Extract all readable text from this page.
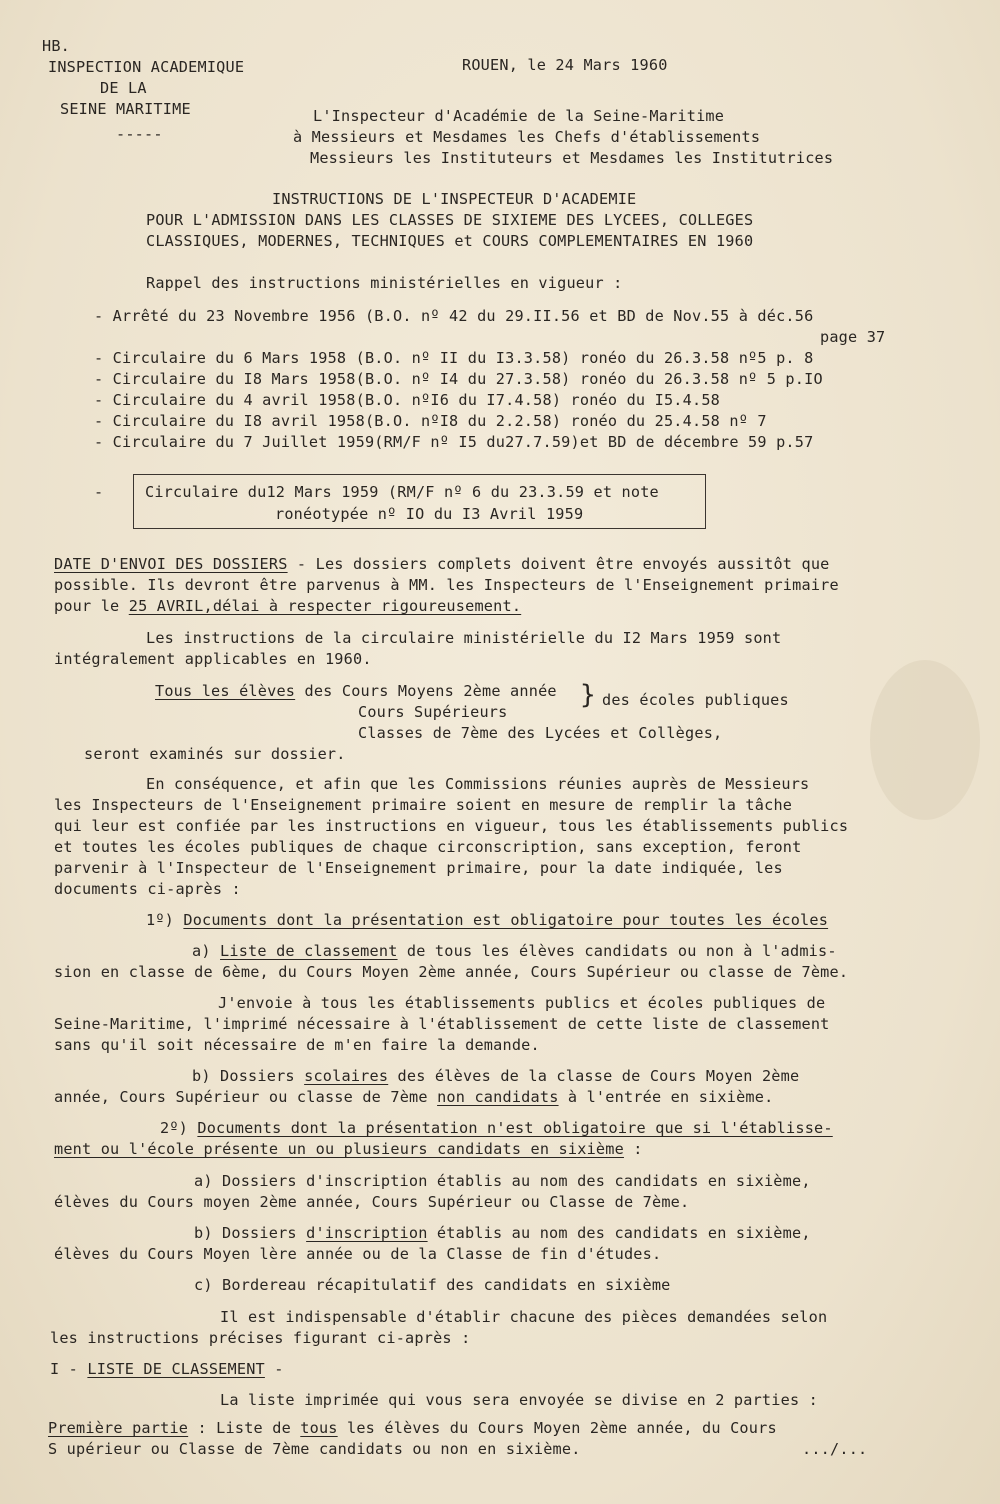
HB.
INSPECTION ACADEMIQUE
DE LA
SEINE MARITIME
-----
ROUEN, le 24 Mars 1960
L'Inspecteur d'Académie de la Seine-Maritime
à Messieurs et Mesdames les Chefs d'établissements
Messieurs les Instituteurs et Mesdames les Institutrices
INSTRUCTIONS DE L'INSPECTEUR D'ACADEMIE
POUR L'ADMISSION DANS LES CLASSES DE SIXIEME DES LYCEES, COLLEGES
CLASSIQUES, MODERNES, TECHNIQUES et COURS COMPLEMENTAIRES EN 1960
Rappel des instructions ministérielles en vigueur :
- Arrêté du 23 Novembre 1956 (B.O. nº 42 du 29.II.56 et BD de Nov.55 à déc.56
page 37
- Circulaire du 6 Mars 1958 (B.O. nº II du I3.3.58) ronéo du 26.3.58 nº5 p. 8
- Circulaire du I8 Mars 1958(B.O. nº I4 du 27.3.58) ronéo du 26.3.58 nº 5 p.IO
- Circulaire du 4 avril 1958(B.O. nºI6 du I7.4.58) ronéo du I5.4.58
- Circulaire du I8 avril 1958(B.O. nºI8 du 2.2.58) ronéo du 25.4.58 nº 7
- Circulaire du 7 Juillet 1959(RM/F nº I5 du27.7.59)et BD de décembre 59 p.57
-	Circulaire du12 Mars 1959 (RM/F nº 6 du 23.3.59 et note
ronéotypée nº IO du I3 Avril 1959
DATE D'ENVOI DES DOSSIERS - Les dossiers complets doivent être envoyés aussitôt que
possible. Ils devront être parvenus à MM. les Inspecteurs de l'Enseignement primaire
pour le 25 AVRIL,délai à respecter rigoureusement.
Les instructions de la circulaire ministérielle du I2 Mars 1959 sont
intégralement applicables en 1960.
Tous les élèves des Cours Moyens 2ème année
Cours Supérieurs
Classes de 7ème des Lycées et Collèges,
} des écoles publiques
seront examinés sur dossier.
En conséquence, et afin que les Commissions réunies auprès de Messieurs
les Inspecteurs de l'Enseignement primaire soient en mesure de remplir la tâche
qui leur est confiée par les instructions en vigueur, tous les établissements publics
et toutes les écoles publiques de chaque circonscription, sans exception, feront
parvenir à l'Inspecteur de l'Enseignement primaire, pour la date indiquée, les
documents ci-après :
1º) Documents dont la présentation est obligatoire pour toutes les écoles
a) Liste de classement de tous les élèves candidats ou non à l'admis-
sion en classe de 6ème, du Cours Moyen 2ème année, Cours Supérieur ou classe de 7ème.
J'envoie à tous les établissements publics et écoles publiques de
Seine-Maritime, l'imprimé nécessaire à l'établissement de cette liste de classement
sans qu'il soit nécessaire de m'en faire la demande.
b) Dossiers scolaires des élèves de la classe de Cours Moyen 2ème
année, Cours Supérieur ou classe de 7ème non candidats à l'entrée en sixième.
2º) Documents dont la présentation n'est obligatoire que si l'établisse-
ment ou l'école présente un ou plusieurs candidats en sixième :
a) Dossiers d'inscription établis au nom des candidats en sixième,
élèves du Cours moyen 2ème année, Cours Supérieur ou Classe de 7ème.
b) Dossiers d'inscription établis au nom des candidats en sixième,
élèves du Cours Moyen lère année ou de la Classe de fin d'études.
c) Bordereau récapitulatif des candidats en sixième
Il est indispensable d'établir chacune des pièces demandées selon
les instructions précises figurant ci-après :
I - LISTE DE CLASSEMENT -
La liste imprimée qui vous sera envoyée se divise en 2 parties :
Première partie : Liste de tous les élèves du Cours Moyen 2ème année, du Cours
S upérieur ou Classe de 7ème candidats ou non en sixième.	.../...
